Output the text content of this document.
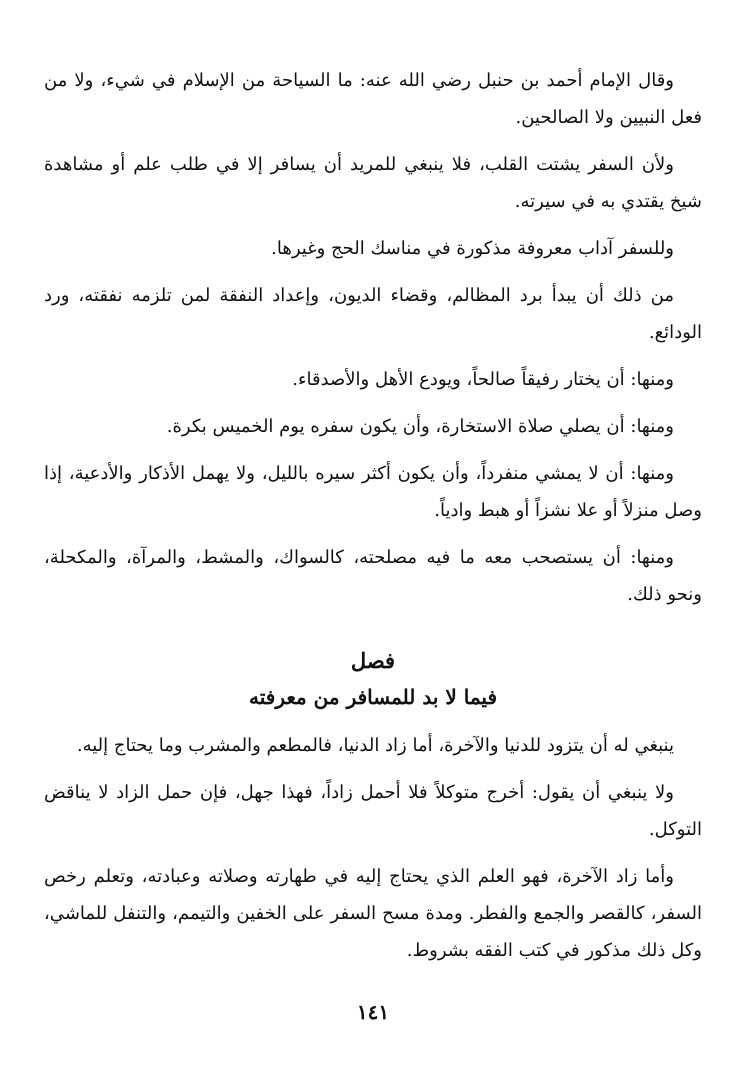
وقال الإمام أحمد بن حنبل رضي الله عنه: ما السياحة من الإسلام في شيء، ولا من فعل النبيين ولا الصالحين.

ولأن السفر يشتت القلب، فلا ينبغي للمريد أن يسافر إلا في طلب علم أو مشاهدة شيخ يقتدي به في سيرته.

وللسفر آداب معروفة مذكورة في مناسك الحج وغيرها.

من ذلك أن يبدأ برد المظالم، وقضاء الديون، وإعداد النفقة لمن تلزمه نفقته، ورد الودائع.

ومنها: أن يختار رفيقاً صالحاً، ويودع الأهل والأصدقاء.

ومنها: أن يصلي صلاة الاستخارة، وأن يكون سفره يوم الخميس بكرة.

ومنها: أن لا يمشي منفرداً، وأن يكون أكثر سيره بالليل، ولا يهمل الأذكار والأدعية، إذا وصل منزلاً أو علا نشزاً أو هبط وادياً.

ومنها: أن يستصحب معه ما فيه مصلحته، كالسواك، والمشط، والمرآة، والمكحلة، ونحو ذلك.

فصل
فيما لا بد للمسافر من معرفته

ينبغي له أن يتزود للدنيا والآخرة، أما زاد الدنيا، فالمطعم والمشرب وما يحتاج إليه.

ولا ينبغي أن يقول: أخرج متوكلاً فلا أحمل زاداً، فهذا جهل، فإن حمل الزاد لا يناقض التوكل.

وأما زاد الآخرة، فهو العلم الذي يحتاج إليه في طهارته وصلاته وعبادته، وتعلم رخص السفر، كالقصر والجمع والفطر. ومدة مسح السفر على الخفين والتيمم، والتنفل للماشي، وكل ذلك مذكور في كتب الفقه بشروط.

١٤١
